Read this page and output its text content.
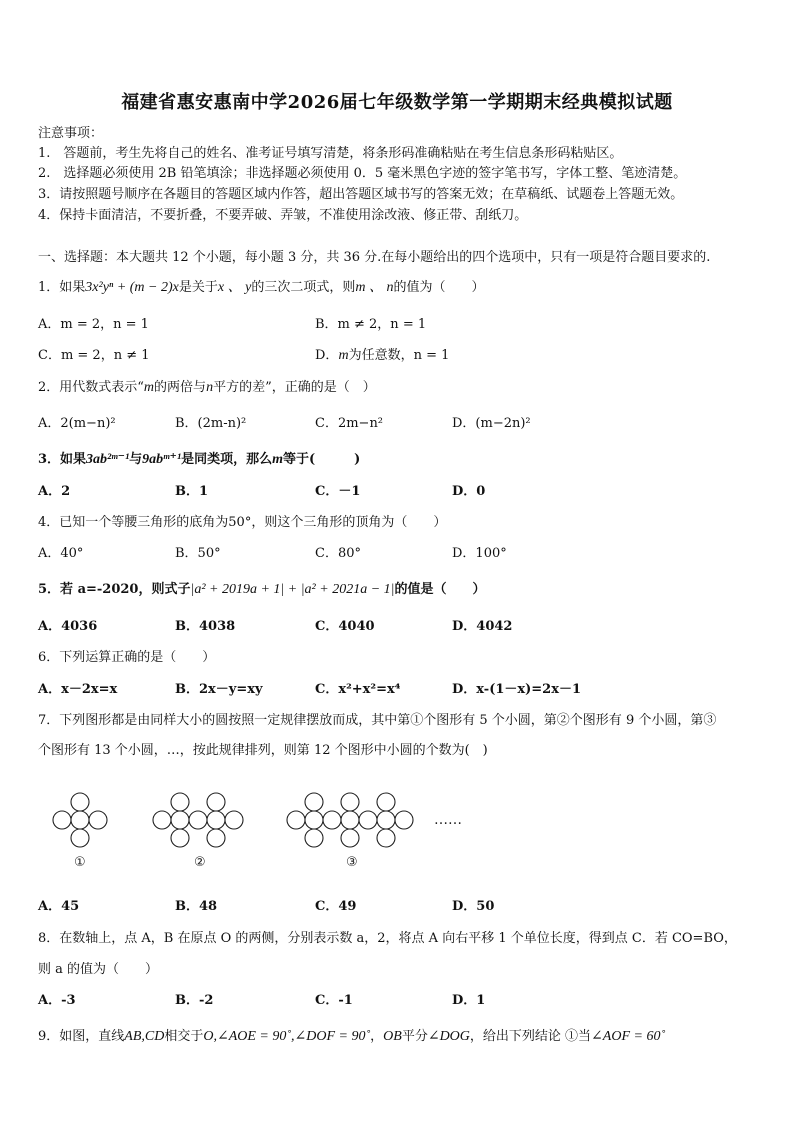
福建省惠安惠南中学2026届七年级数学第一学期期末经典模拟试题
注意事项：
1.　答题前，考生先将自己的姓名、准考证号填写清楚，将条形码准确粘贴在考生信息条形码粘贴区。
2.　选择题必须使用 2B 铅笔填涂；非选择题必须使用 0．5 毫米黑色字迹的签字笔书写，字体工整、笔迹清楚。
3．请按照题号顺序在各题目的答题区域内作答，超出答题区域书写的答案无效；在草稿纸、试题卷上答题无效。
4．保持卡面清洁，不要折叠，不要弄破、弄皱，不准使用涂改液、修正带、刮纸刀。
一、选择题：本大题共 12 个小题，每小题 3 分，共 36 分.在每小题给出的四个选项中，只有一项是符合题目要求的.
1．如果3x²yⁿ + (m − 2)x是关于x 、 y的三次二项式，则m 、 n的值为（　　）
A．m = 2，n = 1	B．m ≠ 2，n = 1
C．m = 2，n ≠ 1	D．m为任意数，n = 1
2．用代数式表示“m的两倍与n平方的差”，正确的是（　）
A．2(m−n)²	B．(2m-n)²	C．2m−n²	D．(m−2n)²
3．如果3ab²ᵐ⁻¹与9abᵐ⁺¹是同类项，那么m等于(　　　)
A．2	B．1	C．－1	D．0
4．已知一个等腰三角形的底角为50°，则这个三角形的顶角为（　　）
A．40°	B．50°	C．80°	D．100°
5．若 a=-2020，则式子|a² + 2019a + 1| + |a² + 2021a − 1|的值是（　　）
A．4036	B．4038	C．4040	D．4042
6．下列运算正确的是（　　）
A．x－2x=x	B．2x－y=xy	C．x²+x²=x⁴	D．x-(1－x)=2x－1
7．下列图形都是由同样大小的圆按照一定规律摆放而成，其中第①个图形有 5 个小圆，第②个图形有 9 个小圆，第③
个图形有 13 个小圆，…，按此规律排列，则第 12 个图形中小圆的个数为(　)
……
①	②	③
A．45	B．48	C．49	D．50
8．在数轴上，点 A，B 在原点 O 的两侧，分别表示数 a，2，将点 A 向右平移 1 个单位长度，得到点 C．若 CO=BO，
则 a 的值为（　　）
A．-3	B．-2	C．-1	D．1
9．如图，直线AB,CD相交于O,∠AOE = 90˚,∠DOF = 90˚，OB平分∠DOG，给出下列结论 ①当∠AOF = 60˚
